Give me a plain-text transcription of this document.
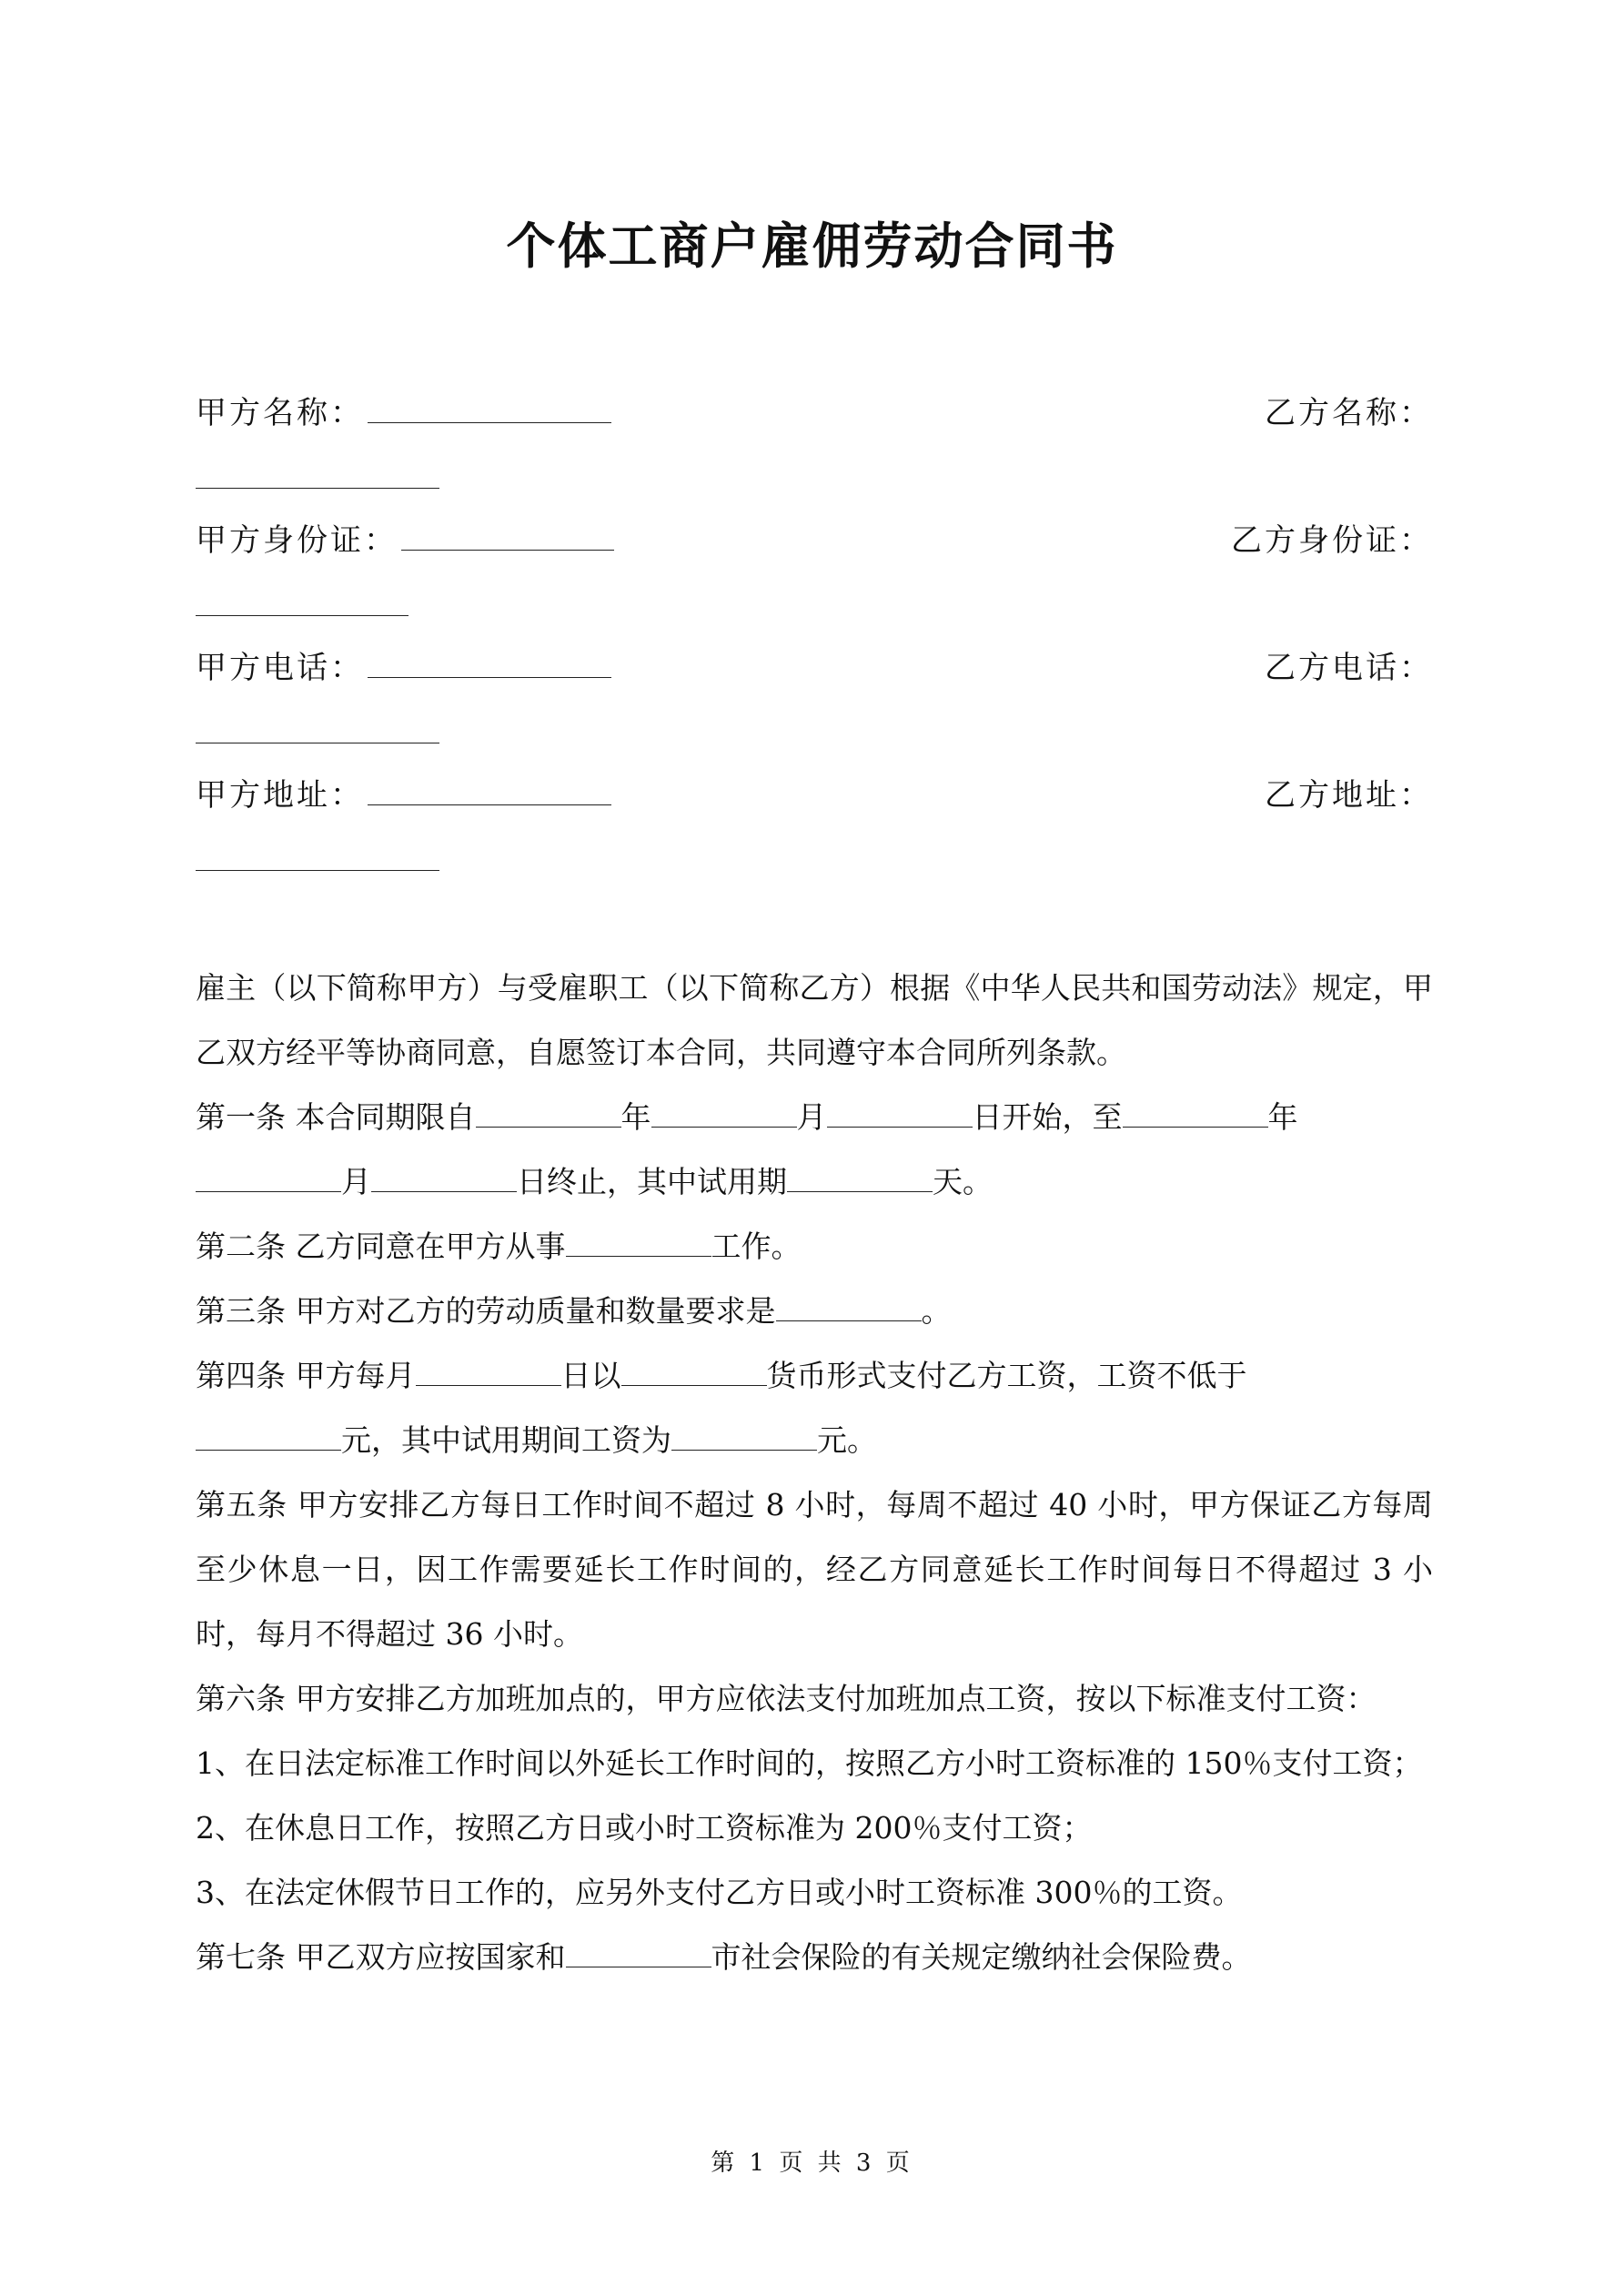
个体工商户雇佣劳动合同书
甲方名称：	乙方名称：
甲方身份证：	乙方身份证：
甲方电话：	乙方电话：
甲方地址：	乙方地址：

雇主（以下简称甲方）与受雇职工（以下简称乙方）根据《中华人民共和国劳动法》规定，甲乙双方经平等协商同意，自愿签订本合同，共同遵守本合同所列条款。

第一条 本合同期限自	年	月	日开始，至	年
月	日终止，其中试用期	天。

第二条 乙方同意在甲方从事	工作。

第三条 甲方对乙方的劳动质量和数量要求是	。

第四条 甲方每月	日以	货币形式支付乙方工资，工资不低于
元，其中试用期间工资为	元。

第五条 甲方安排乙方每日工作时间不超过 8 小时，每周不超过 40 小时，甲方保证乙方每周至少休息一日，因工作需要延长工作时间的，经乙方同意延长工作时间每日不得超过 3 小时，每月不得超过 36 小时。

第六条 甲方安排乙方加班加点的，甲方应依法支付加班加点工资，按以下标准支付工资：

1、在日法定标准工作时间以外延长工作时间的，按照乙方小时工资标准的 150％支付工资；

2、在休息日工作，按照乙方日或小时工资标准为 200％支付工资；

3、在法定休假节日工作的，应另外支付乙方日或小时工资标准 300％的工资。

第七条 甲乙双方应按国家和	市社会保险的有关规定缴纳社会保险费。

第 1 页 共 3 页
